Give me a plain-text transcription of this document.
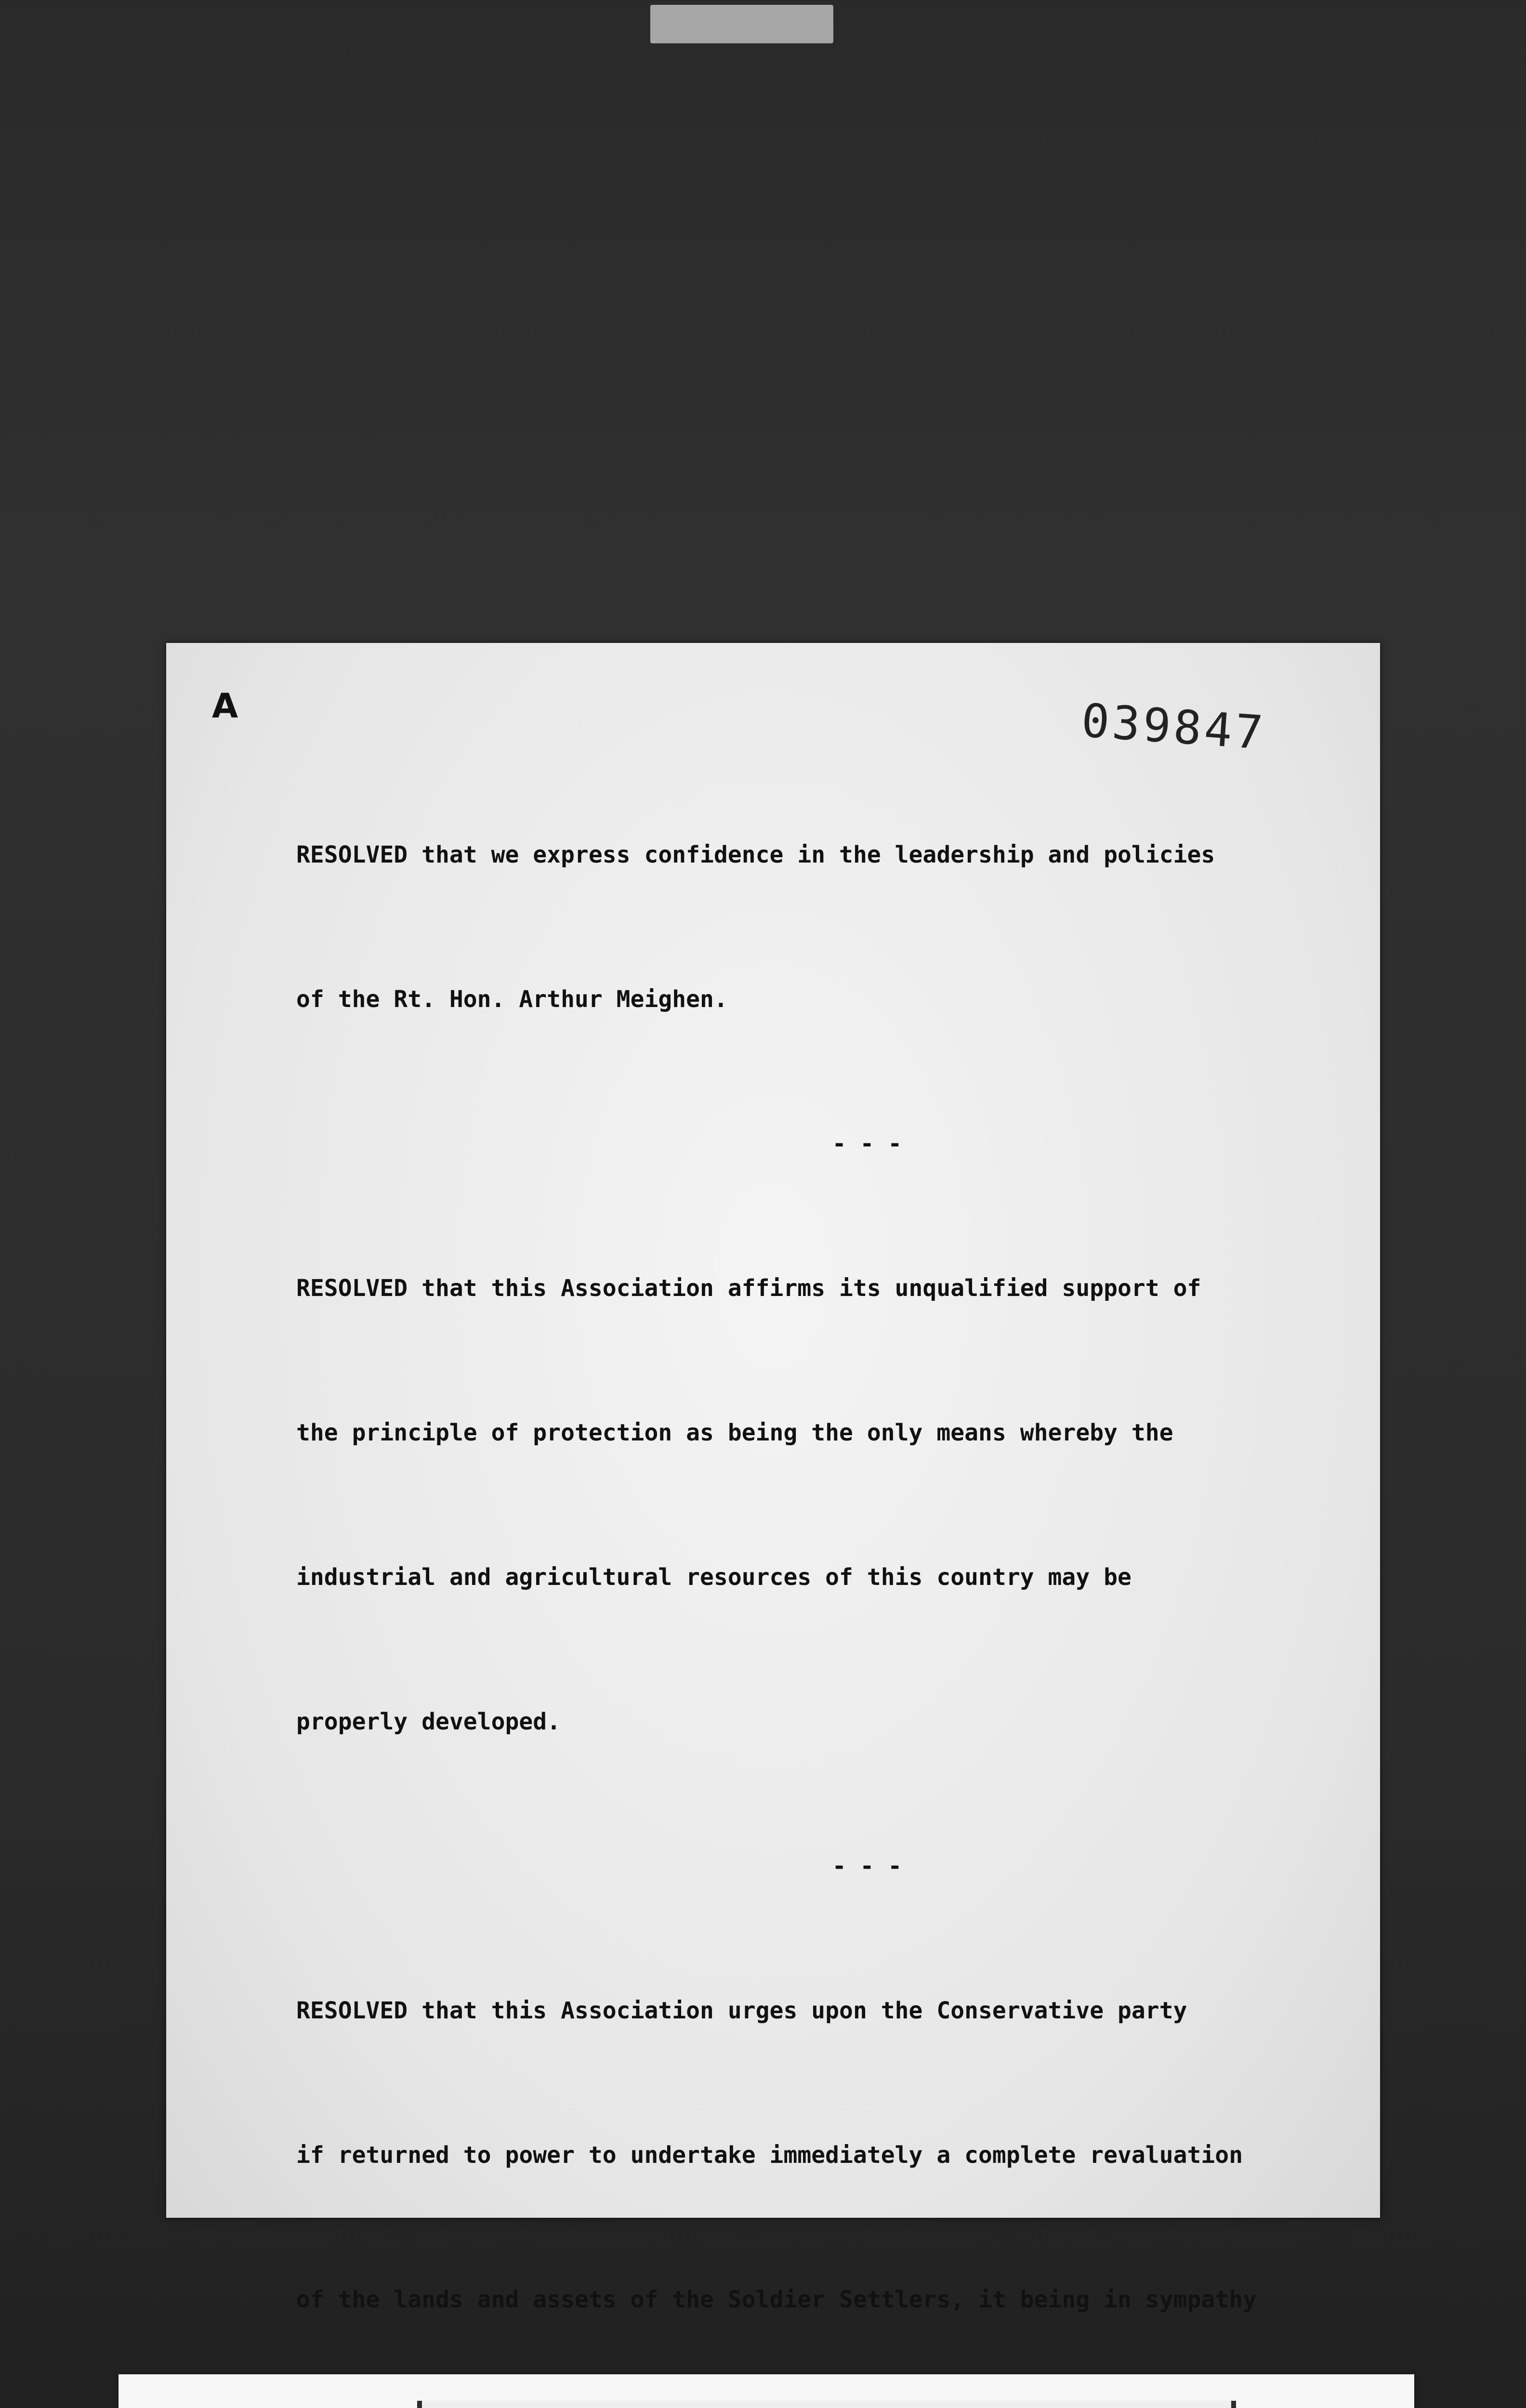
A	039847

RESOLVED that we express confidence in the leadership and policies

of the Rt. Hon. Arthur Meighen.

- - -

RESOLVED that this Association affirms its unqualified support of

the principle of protection as being the only means whereby the

industrial and agricultural resources of this country may be

properly developed.

- - -

RESOLVED that this Association urges upon the Conservative party

if returned to power to undertake immediately a complete revaluation

of the lands and assets of the Soldier Settlers, it being in sympathy
